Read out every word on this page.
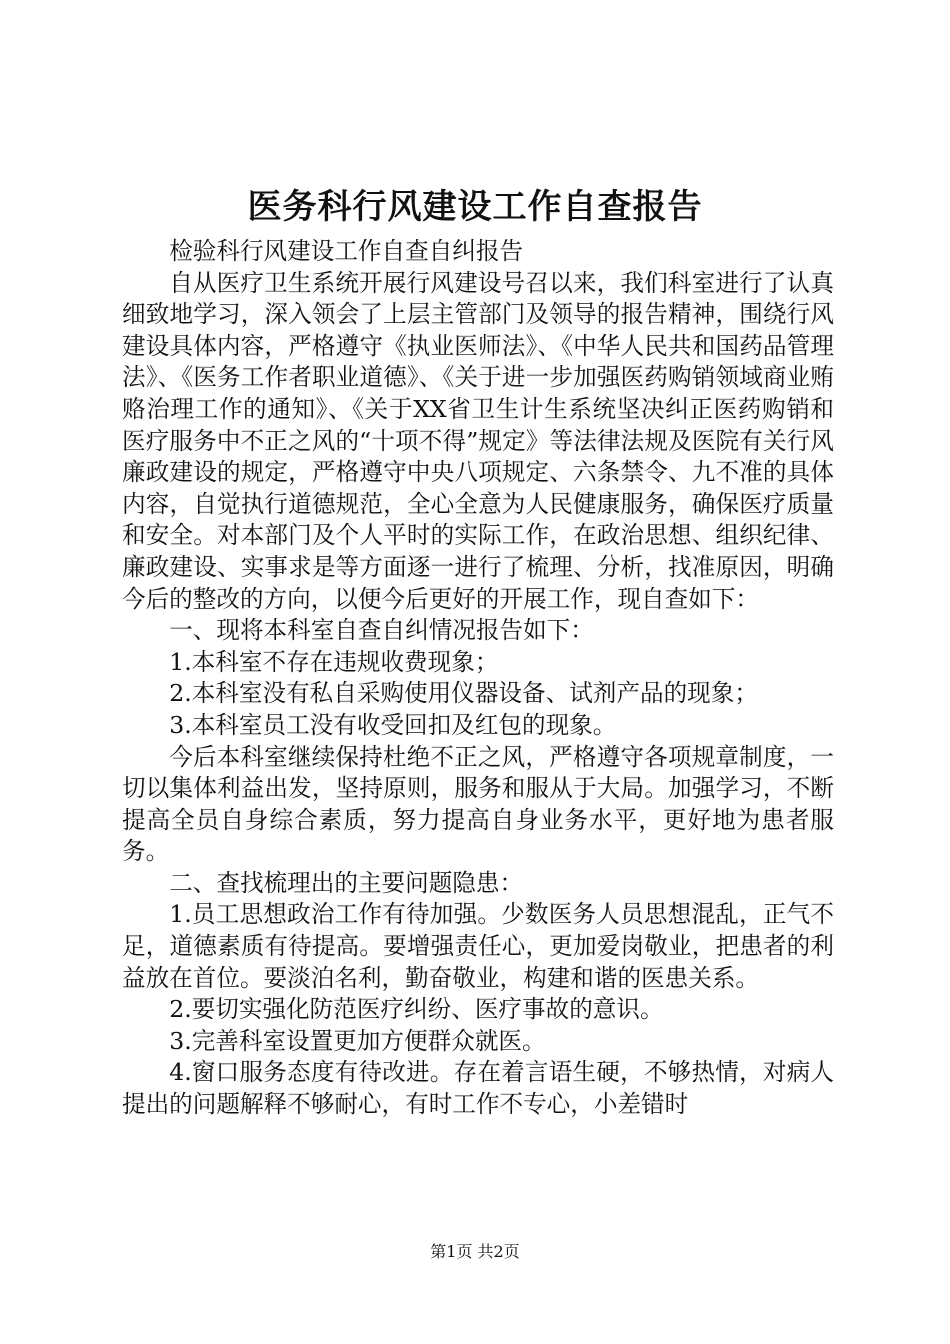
医务科行风建设工作自查报告

检验科行风建设工作自查自纠报告

自从医疗卫生系统开展行风建设号召以来，我们科室进行了认真细致地学习，深入领会了上层主管部门及领导的报告精神，围绕行风建设具体内容，严格遵守《执业医师法》、《中华人民共和国药品管理法》、《医务工作者职业道德》、《关于进一步加强医药购销领域商业贿赂治理工作的通知》、《关于XX省卫生计生系统坚决纠正医药购销和医疗服务中不正之风的“十项不得”规定》等法律法规及医院有关行风廉政建设的规定，严格遵守中央八项规定、六条禁令、九不准的具体内容，自觉执行道德规范，全心全意为人民健康服务，确保医疗质量和安全。对本部门及个人平时的实际工作，在政治思想、组织纪律、廉政建设、实事求是等方面逐一进行了梳理、分析，找准原因，明确今后的整改的方向，以便今后更好的开展工作，现自查如下：

一、现将本科室自查自纠情况报告如下：

1.本科室不存在违规收费现象；

2.本科室没有私自采购使用仪器设备、试剂产品的现象；

3.本科室员工没有收受回扣及红包的现象。

今后本科室继续保持杜绝不正之风，严格遵守各项规章制度，一切以集体利益出发，坚持原则，服务和服从于大局。加强学习，不断提高全员自身综合素质，努力提高自身业务水平，更好地为患者服务。

二、查找梳理出的主要问题隐患：

1.员工思想政治工作有待加强。少数医务人员思想混乱，正气不足，道德素质有待提高。要增强责任心，更加爱岗敬业，把患者的利益放在首位。要淡泊名利，勤奋敬业，构建和谐的医患关系。

2.要切实强化防范医疗纠纷、医疗事故的意识。

3.完善科室设置更加方便群众就医。

4.窗口服务态度有待改进。存在着言语生硬，不够热情，对病人提出的问题解释不够耐心，有时工作不专心，小差错时

第1页 共2页
